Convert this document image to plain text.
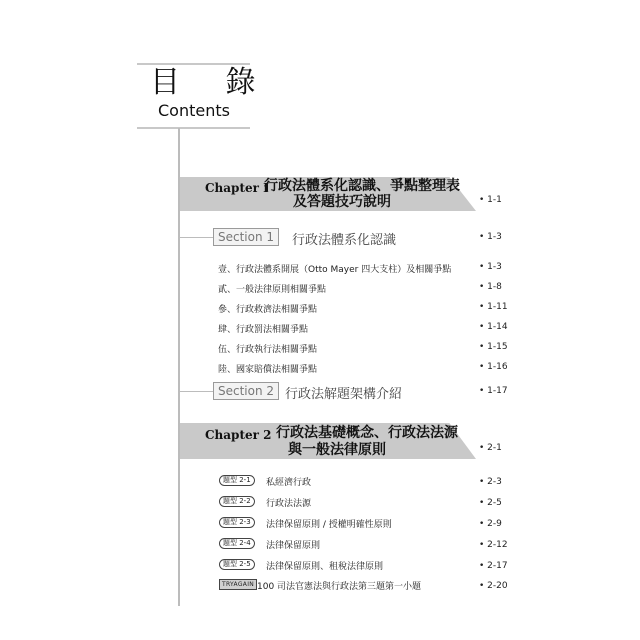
目 錄
Contents
Chapter Ⅰ
行政法體系化認識、爭點整理表
及答題技巧說明	• 1-1
Section 1	行政法體系化認識	• 1-3
壹、行政法體系開展（Otto Mayer 四大支柱）及相關爭點	• 1-3
貳、一般法律原則相關爭點	• 1-8
參、行政救濟法相關爭點	• 1-11
肆、行政罰法相關爭點	• 1-14
伍、行政執行法相關爭點	• 1-15
陸、國家賠償法相關爭點	• 1-16
Section 2 行政法解題架構介紹	• 1-17
Chapter 2 行政法基礎概念、行政法法源
與一般法律原則	• 2-1
題型 2-1	私經濟行政	• 2-3
題型 2-2	行政法法源	• 2-5
題型 2-3	法律保留原則 / 授權明確性原則	• 2-9
題型 2-4	法律保留原則	• 2-12
題型 2-5	法律保留原則、租稅法律原則	• 2-17
TRYAGAIN 100 司法官憲法與行政法第三題第一小題	• 2-20
